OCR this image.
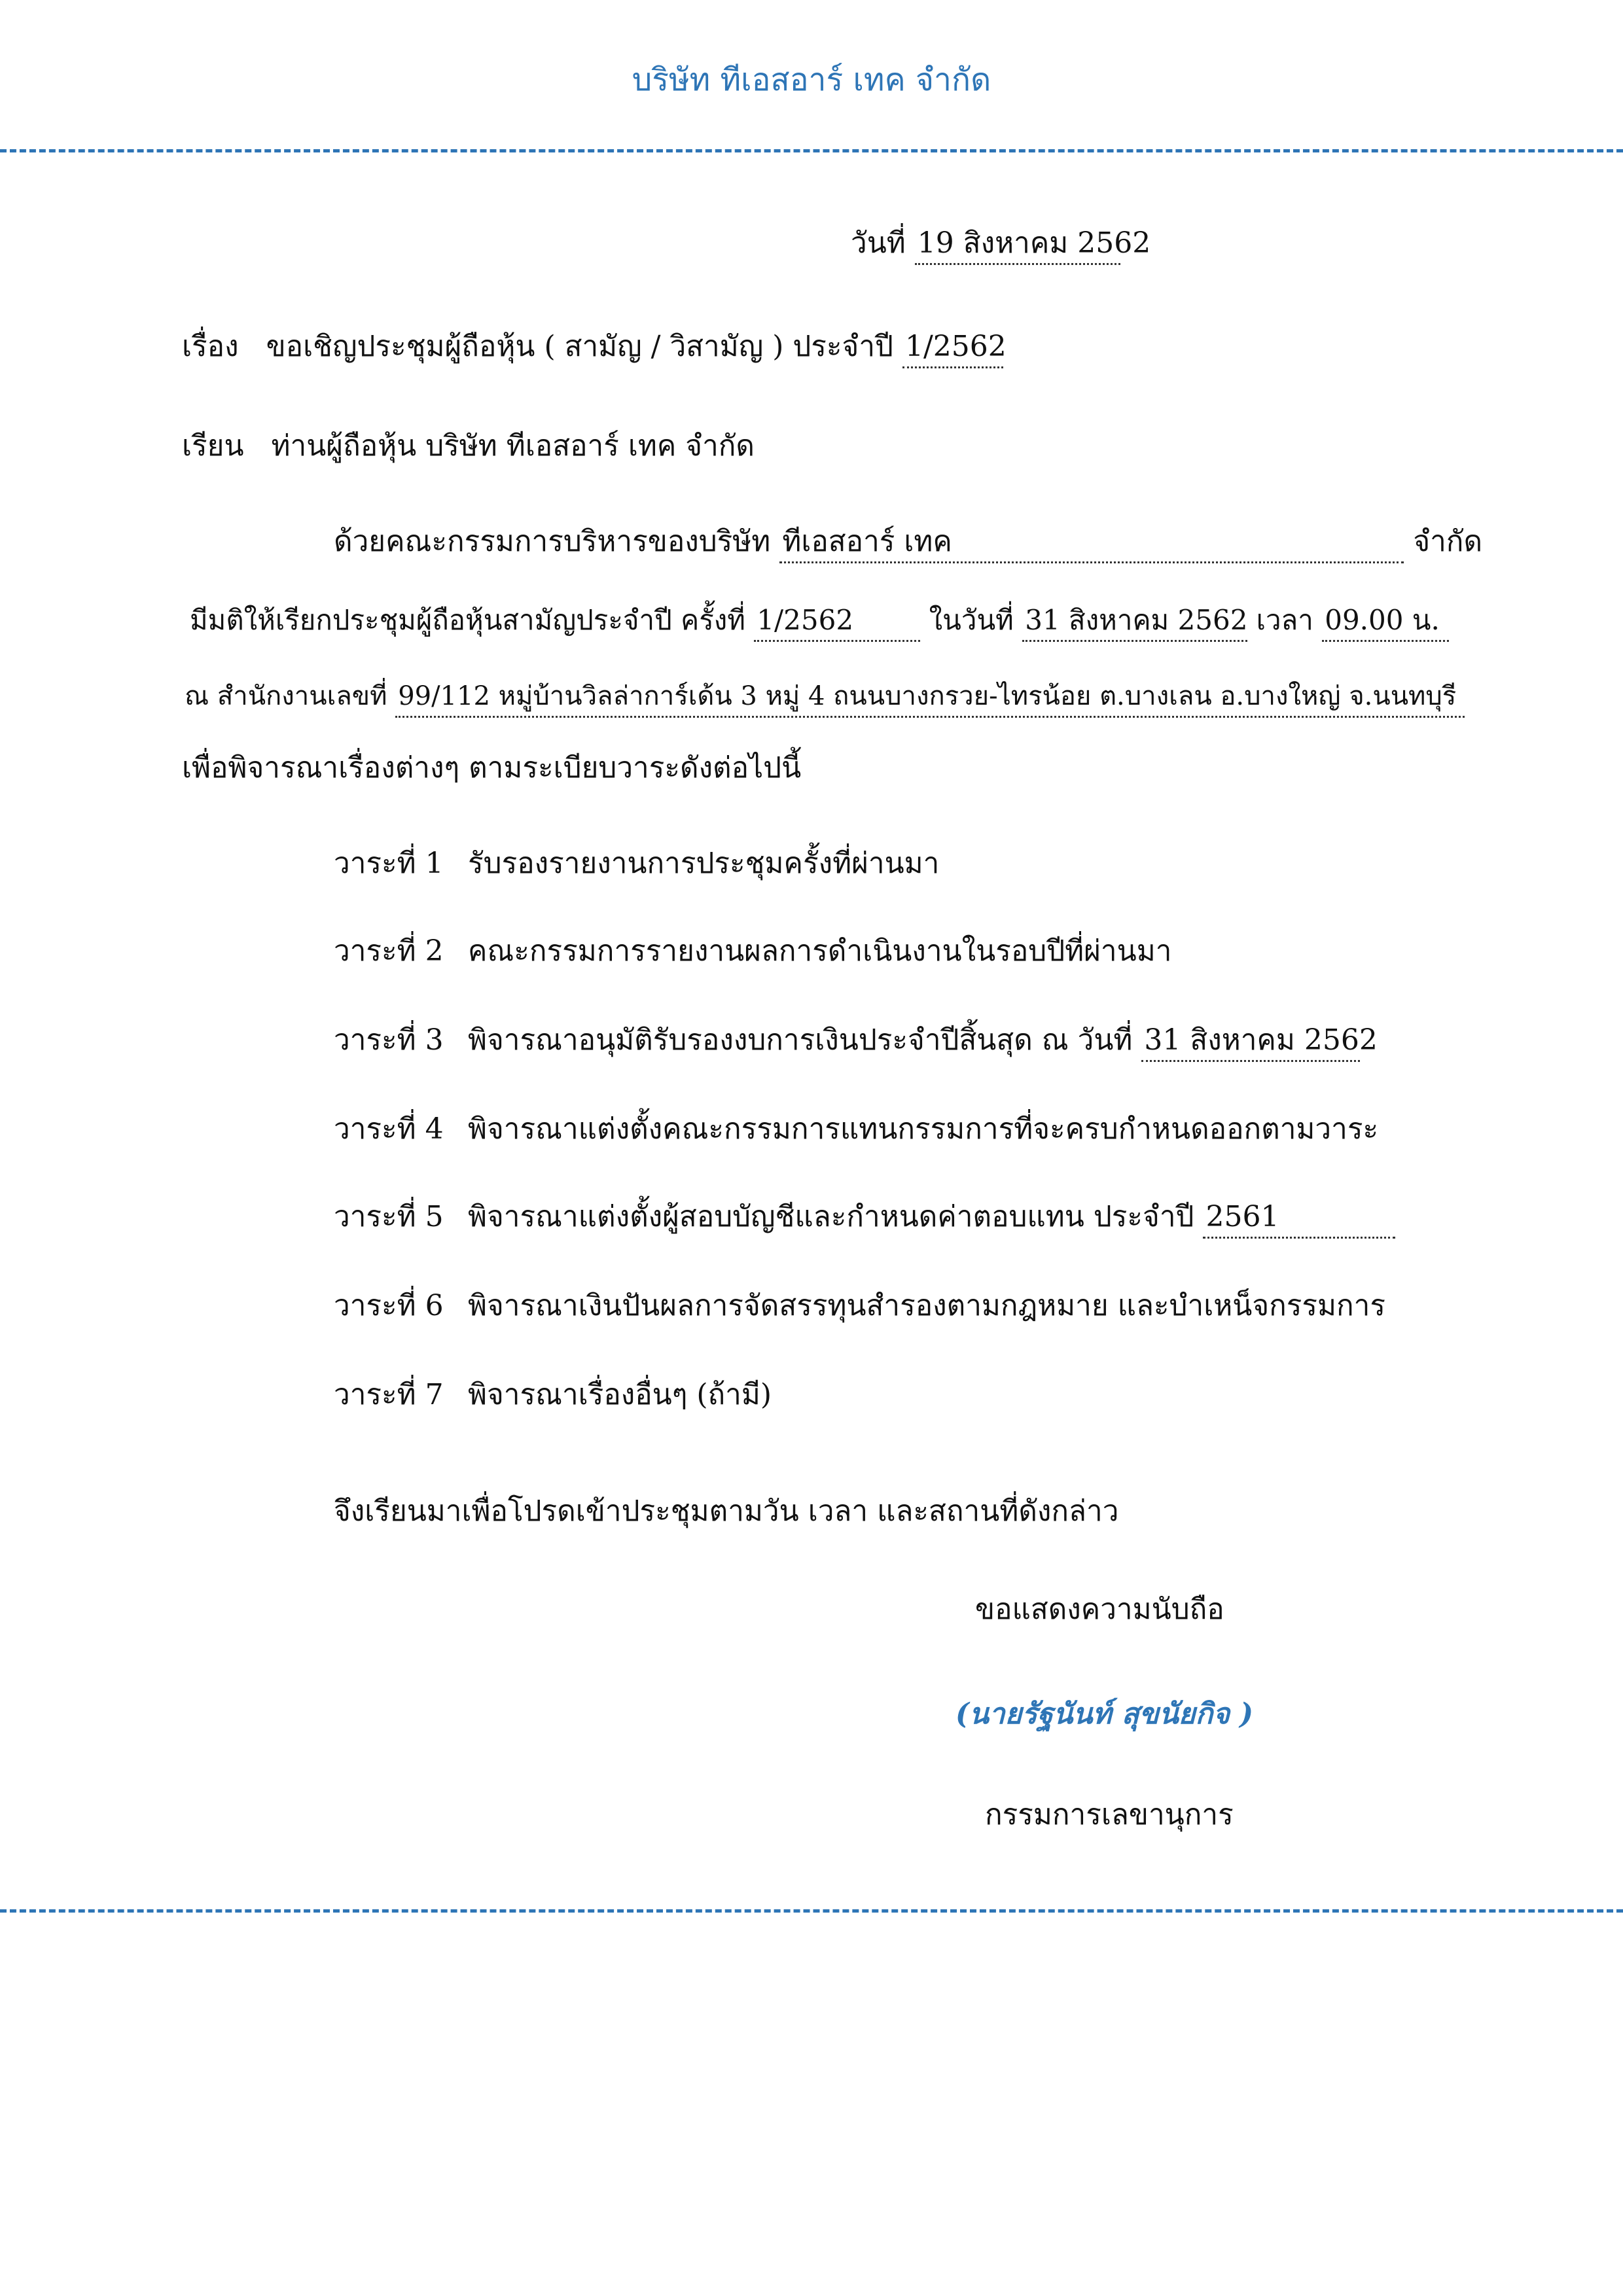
บริษัท ทีเอสอาร์ เทค จำกัด
วันที่ 19 สิงหาคม 2562
เรื่อง ขอเชิญประชุมผู้ถือหุ้น ( สามัญ / วิสามัญ ) ประจำปี 1/2562
เรียน ท่านผู้ถือหุ้น บริษัท ทีเอสอาร์ เทค จำกัด
ด้วยคณะกรรมการบริหารของบริษัท ทีเอสอาร์ เทค	จำกัด
มีมติให้เรียกประชุมผู้ถือหุ้นสามัญประจำปี ครั้งที่ 1/2562	ในวันที่ 31 สิงหาคม 2562 เวลา 09.00 น.
ณ สำนักงานเลขที่ 99/112 หมู่บ้านวิลล่าการ์เด้น 3 หมู่ 4 ถนนบางกรวย-ไทรน้อย ต.บางเลน อ.บางใหญ่ จ.นนทบุรี
เพื่อพิจารณาเรื่องต่างๆ ตามระเบียบวาระดังต่อไปนี้
วาระที่ 1 รับรองรายงานการประชุมครั้งที่ผ่านมา
วาระที่ 2 คณะกรรมการรายงานผลการดำเนินงานในรอบปีที่ผ่านมา
วาระที่ 3 พิจารณาอนุมัติรับรองงบการเงินประจำปีสิ้นสุด ณ วันที่ 31 สิงหาคม 2562
วาระที่ 4 พิจารณาแต่งตั้งคณะกรรมการแทนกรรมการที่จะครบกำหนดออกตามวาระ
วาระที่ 5 พิจารณาแต่งตั้งผู้สอบบัญชีและกำหนดค่าตอบแทน ประจำปี 2561
วาระที่ 6 พิจารณาเงินปันผลการจัดสรรทุนสำรองตามกฎหมาย และบำเหน็จกรรมการ
วาระที่ 7 พิจารณาเรื่องอื่นๆ (ถ้ามี)
จึงเรียนมาเพื่อโปรดเข้าประชุมตามวัน เวลา และสถานที่ดังกล่าว
ขอแสดงความนับถือ
(นายรัฐนันท์ สุขนัยกิจ )
กรรมการเลขานุการ
